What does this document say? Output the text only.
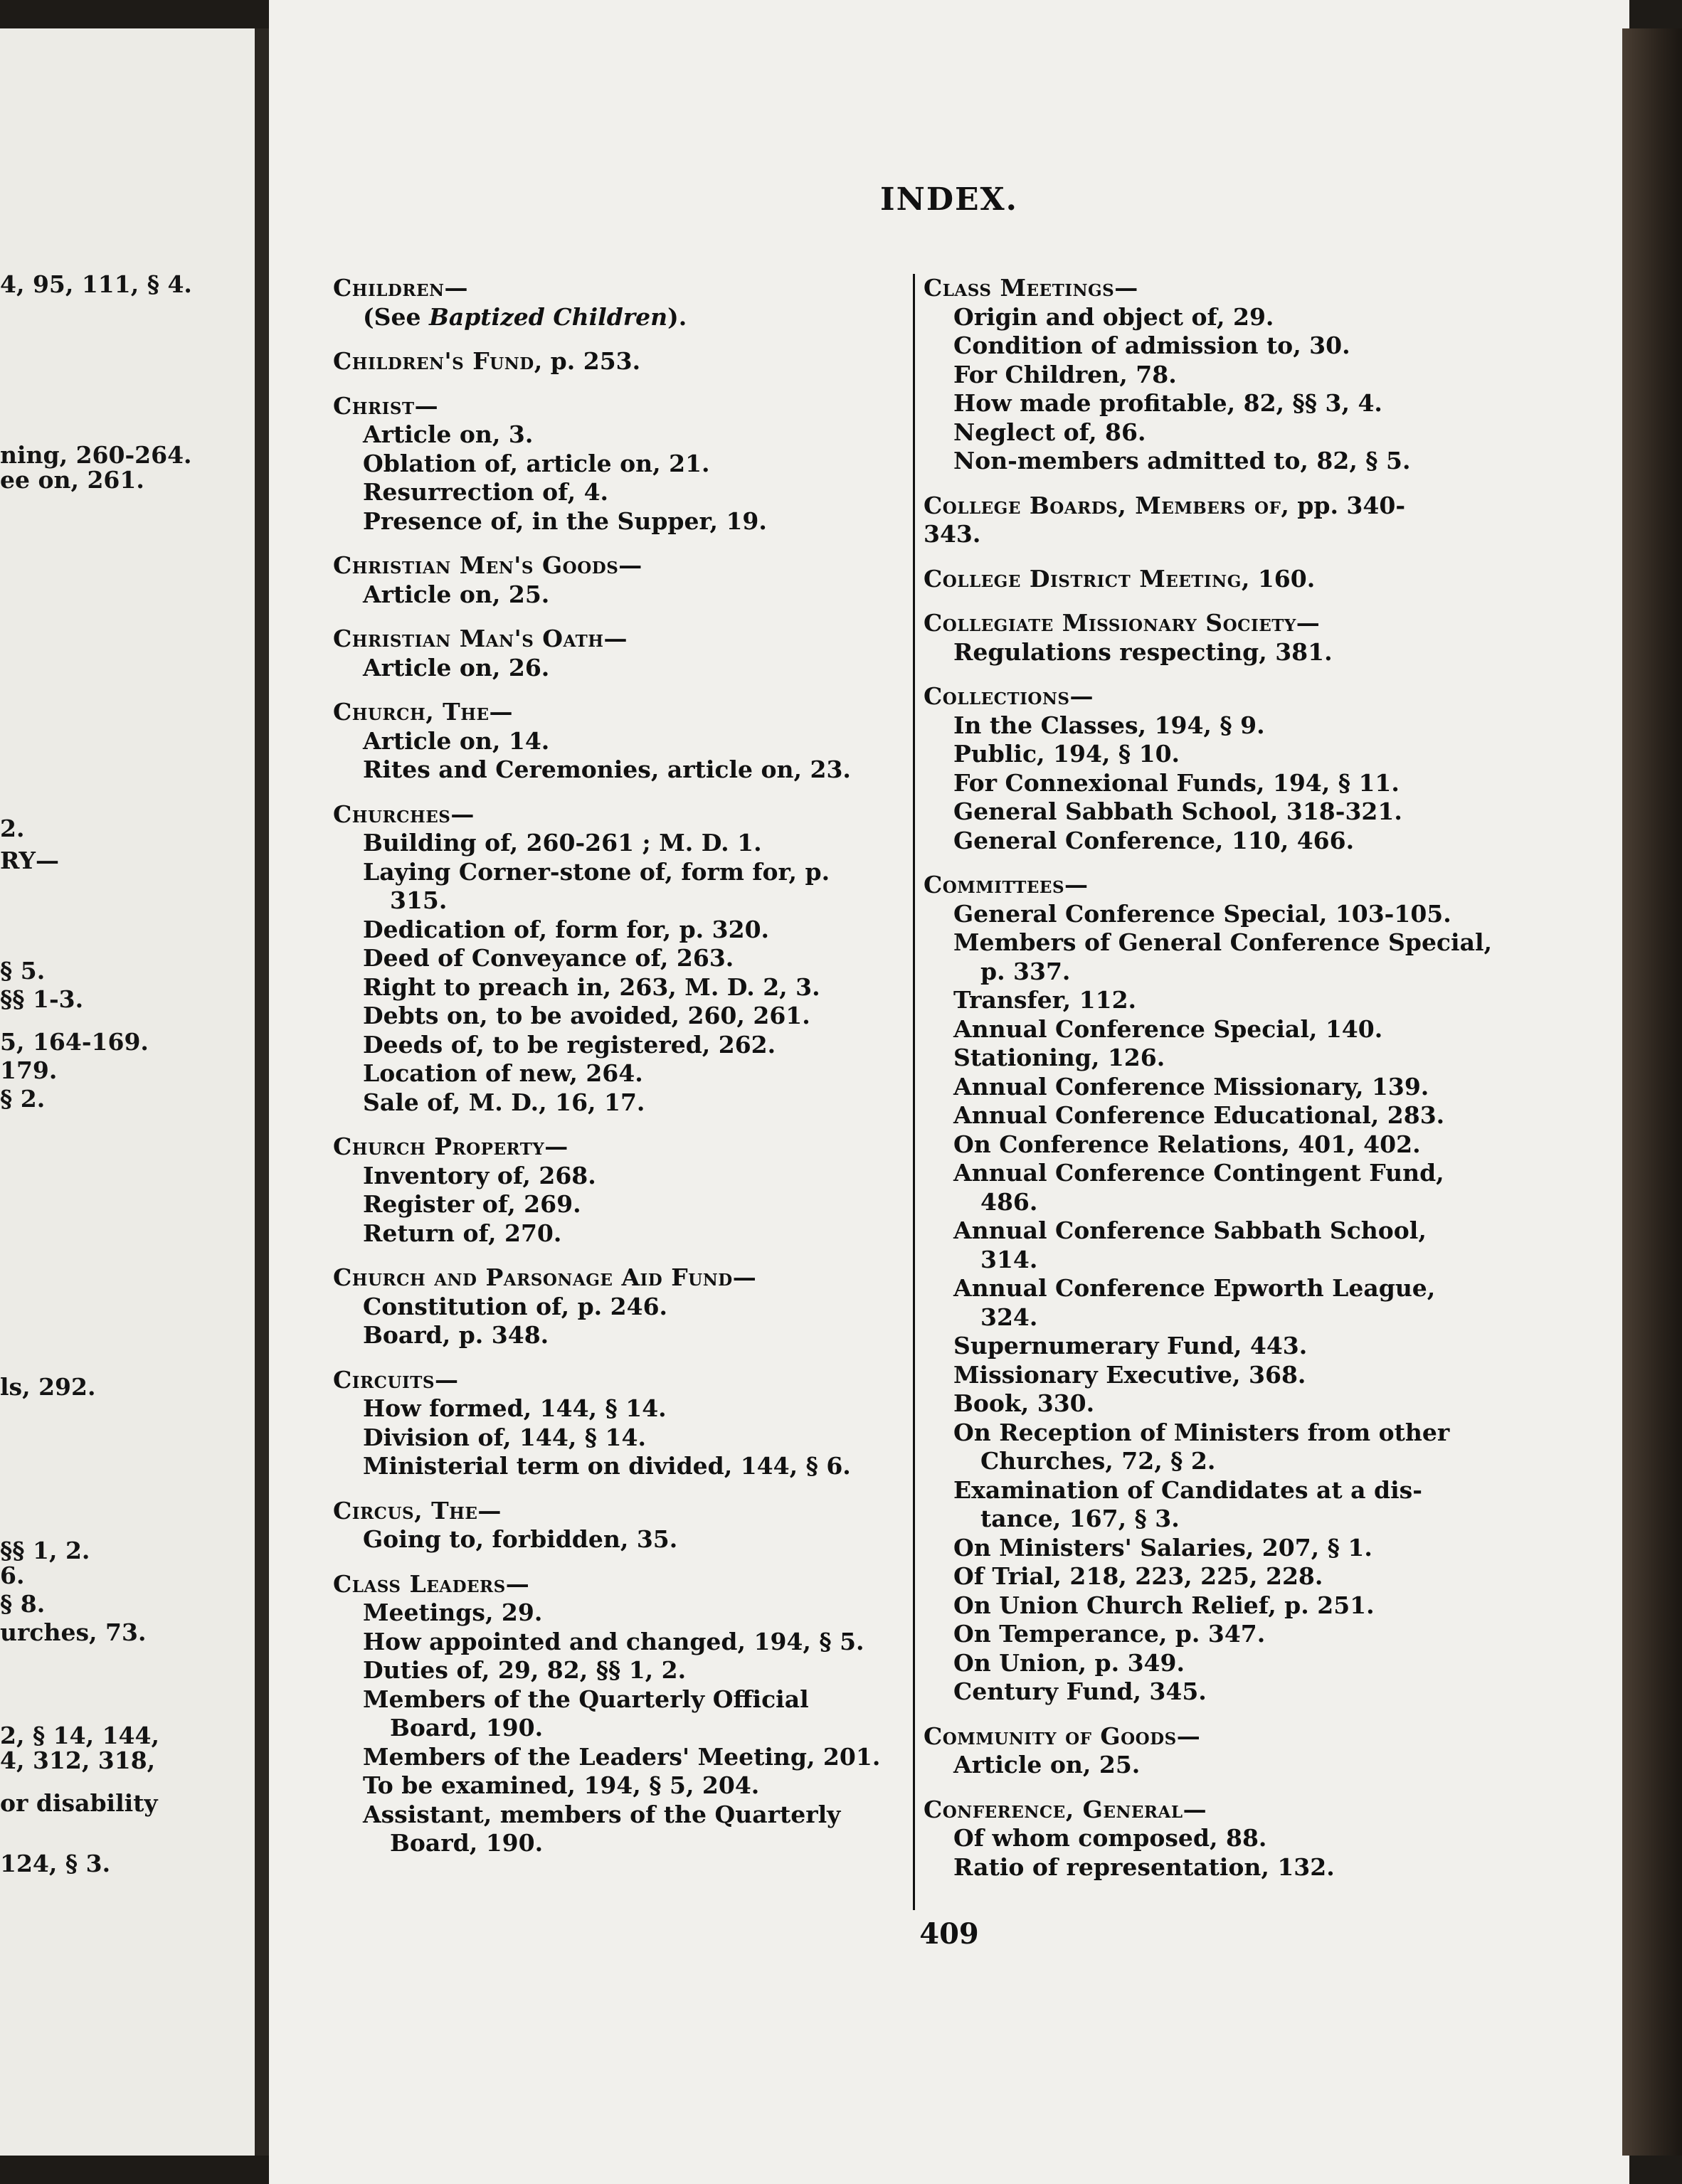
4, 95, 111, § 4.
ning, 260-264.
ee on, 261.
2.
RY—
§ 5.
§§ 1-3.
5, 164-169.
179.
§ 2.
ls, 292.
§§ 1, 2.
6.
§ 8.
urches, 73.
2, § 14, 144,
4, 312, 318,
or disability
124, § 3.
INDEX.
Children—
(See Baptized Children).
Children's Fund, p. 253.
Christ—
Article on, 3.
Oblation of, article on, 21.
Resurrection of, 4.
Presence of, in the Supper, 19.
Christian Men's Goods—
Article on, 25.
Christian Man's Oath—
Article on, 26.
Church, The—
Article on, 14.
Rites and Ceremonies, article on, 23.
Churches—
Building of, 260-261 ; M. D. 1.
Laying Corner-stone of, form for, p.
315.
Dedication of, form for, p. 320.
Deed of Conveyance of, 263.
Right to preach in, 263, M. D. 2, 3.
Debts on, to be avoided, 260, 261.
Deeds of, to be registered, 262.
Location of new, 264.
Sale of, M. D., 16, 17.
Church Property—
Inventory of, 268.
Register of, 269.
Return of, 270.
Church and Parsonage Aid Fund—
Constitution of, p. 246.
Board, p. 348.
Circuits—
How formed, 144, § 14.
Division of, 144, § 14.
Ministerial term on divided, 144, § 6.
Circus, The—
Going to, forbidden, 35.
Class Leaders—
Meetings, 29.
How appointed and changed, 194, § 5.
Duties of, 29, 82, §§ 1, 2.
Members of the Quarterly Official
Board, 190.
Members of the Leaders' Meeting, 201.
To be examined, 194, § 5, 204.
Assistant, members of the Quarterly
Board, 190.
Class Meetings—
Origin and object of, 29.
Condition of admission to, 30.
For Children, 78.
How made profitable, 82, §§ 3, 4.
Neglect of, 86.
Non-members admitted to, 82, § 5.
College Boards, Members of, pp. 340-
343.
College District Meeting, 160.
Collegiate Missionary Society—
Regulations respecting, 381.
Collections—
In the Classes, 194, § 9.
Public, 194, § 10.
For Connexional Funds, 194, § 11.
General Sabbath School, 318-321.
General Conference, 110, 466.
Committees—
General Conference Special, 103-105.
Members of General Conference Special,
p. 337.
Transfer, 112.
Annual Conference Special, 140.
Stationing, 126.
Annual Conference Missionary, 139.
Annual Conference Educational, 283.
On Conference Relations, 401, 402.
Annual Conference Contingent Fund,
486.
Annual Conference Sabbath School,
314.
Annual Conference Epworth League,
324.
Supernumerary Fund, 443.
Missionary Executive, 368.
Book, 330.
On Reception of Ministers from other
Churches, 72, § 2.
Examination of Candidates at a dis-
tance, 167, § 3.
On Ministers' Salaries, 207, § 1.
Of Trial, 218, 223, 225, 228.
On Union Church Relief, p. 251.
On Temperance, p. 347.
On Union, p. 349.
Century Fund, 345.
Community of Goods—
Article on, 25.
Conference, General—
Of whom composed, 88.
Ratio of representation, 132.
409
